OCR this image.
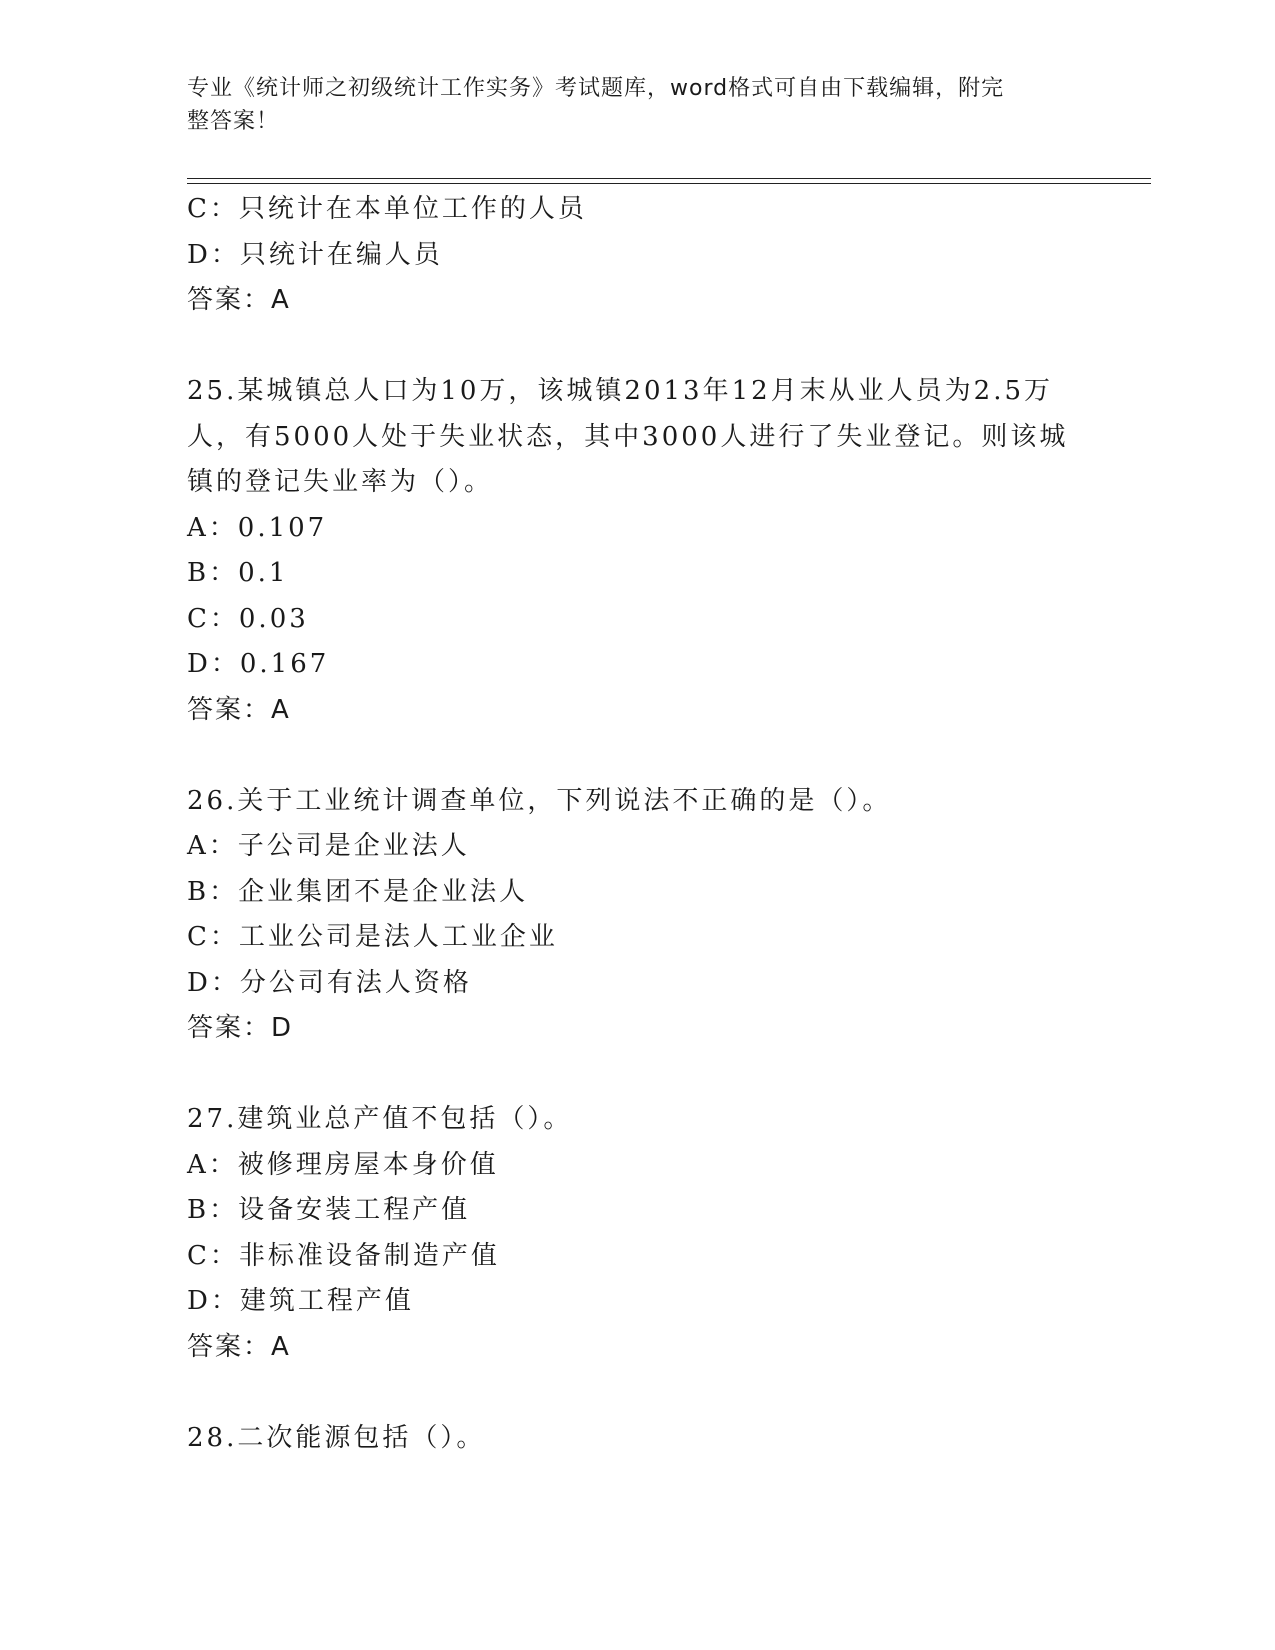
专业《统计师之初级统计工作实务》考试题库，word格式可自由下载编辑，附完
整答案！
C：只统计在本单位工作的人员
D：只统计在编人员
答案：A
25.某城镇总人口为10万，该城镇2013年12月末从业人员为2.5万
人，有5000人处于失业状态，其中3000人进行了失业登记。则该城
镇的登记失业率为（）。
A：0.107
B：0.1
C：0.03
D：0.167
答案：A
26.关于工业统计调查单位，下列说法不正确的是（）。
A：子公司是企业法人
B：企业集团不是企业法人
C：工业公司是法人工业企业
D：分公司有法人资格
答案：D
27.建筑业总产值不包括（）。
A：被修理房屋本身价值
B：设备安装工程产值
C：非标准设备制造产值
D：建筑工程产值
答案：A
28.二次能源包括（）。
